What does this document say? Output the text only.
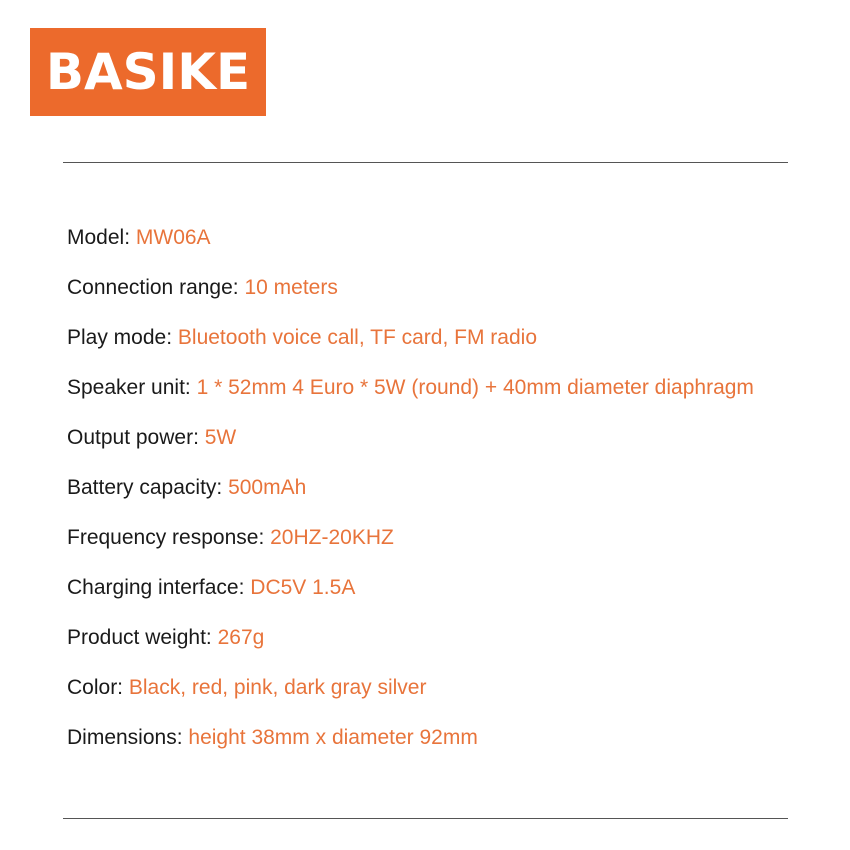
BASIKE
Model: MW06A
Connection range: 10 meters
Play mode: Bluetooth voice call, TF card, FM radio
Speaker unit: 1 * 52mm 4 Euro * 5W (round) + 40mm diameter diaphragm
Output power: 5W
Battery capacity: 500mAh
Frequency response: 20HZ-20KHZ
Charging interface: DC5V 1.5A
Product weight: 267g
Color: Black, red, pink, dark gray silver
Dimensions: height 38mm x diameter 92mm
